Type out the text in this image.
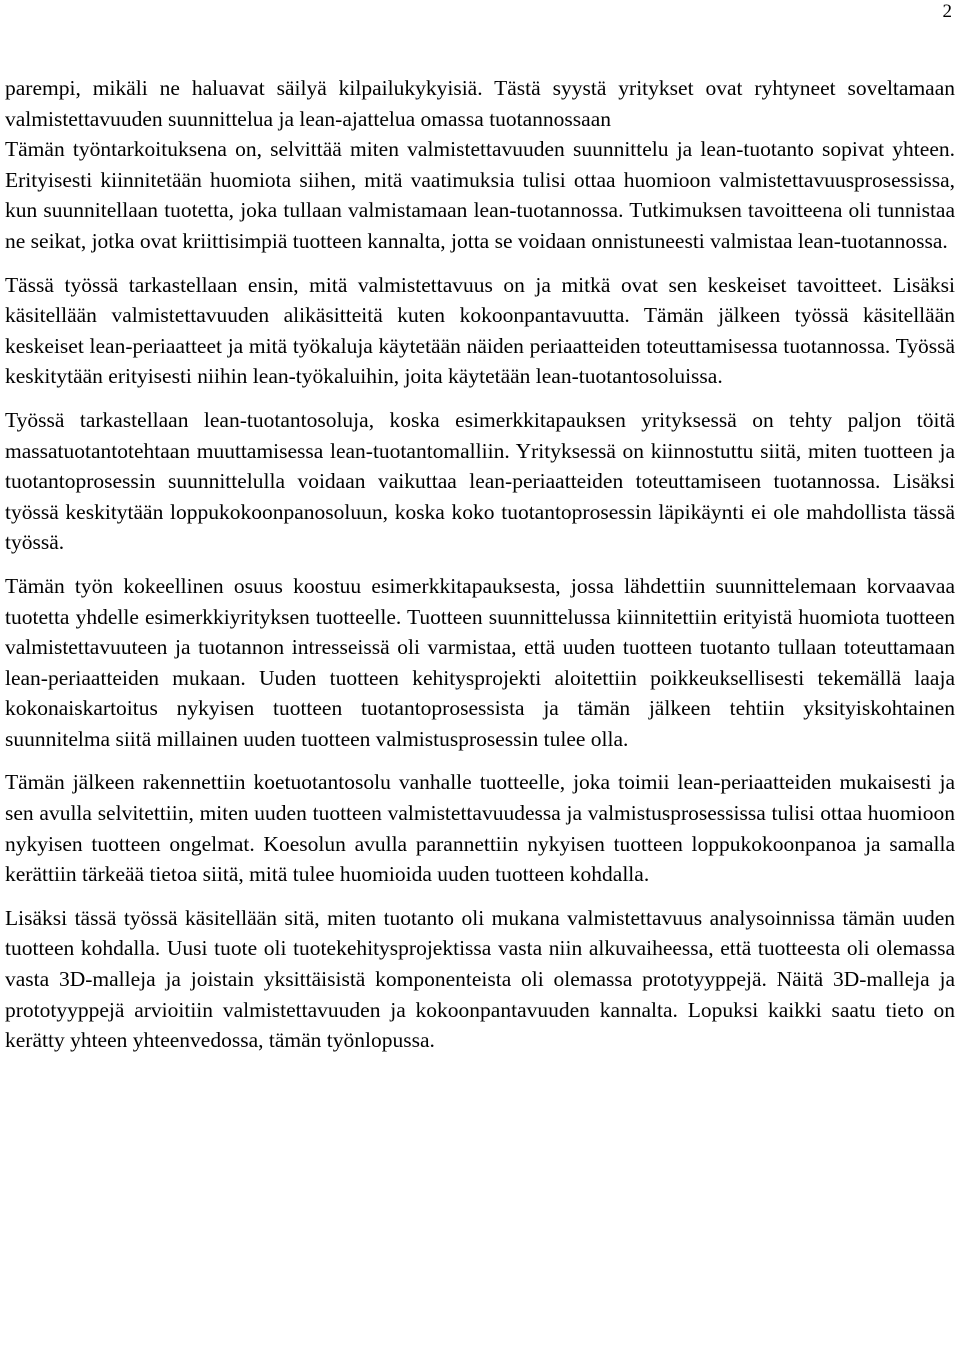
2

parempi, mikäli ne haluavat säilyä kilpailukykyisiä. Tästä syystä yritykset ovat ryhtyneet soveltamaan valmistettavuuden suunnittelua ja lean-ajattelua omassa tuotannossaan

Tämän työntarkoituksena on, selvittää miten valmistettavuuden suunnittelu ja lean-tuotanto sopivat yhteen. Erityisesti kiinnitetään huomiota siihen, mitä vaatimuksia tulisi ottaa huomioon valmistettavuusprosessissa, kun suunnitellaan tuotetta, joka tullaan valmistamaan lean-tuotannossa. Tutkimuksen tavoitteena oli tunnistaa ne seikat, jotka ovat kriittisimpiä tuotteen kannalta, jotta se voidaan onnistuneesti valmistaa lean-tuotannossa.

Tässä työssä tarkastellaan ensin, mitä valmistettavuus on ja mitkä ovat sen keskeiset tavoitteet. Lisäksi käsitellään valmistettavuuden alikäsitteitä kuten kokoonpantavuutta. Tämän jälkeen työssä käsitellään keskeiset lean-periaatteet ja mitä työkaluja käytetään näiden periaatteiden toteuttamisessa tuotannossa. Työssä keskitytään erityisesti niihin lean-työkaluihin, joita käytetään lean-tuotantosoluissa.

Työssä tarkastellaan lean-tuotantosoluja, koska esimerkkitapauksen yrityksessä on tehty paljon töitä massatuotantotehtaan muuttamisessa lean-tuotantomalliin. Yrityksessä on kiinnostuttu siitä, miten tuotteen ja tuotantoprosessin suunnittelulla voidaan vaikuttaa lean-periaatteiden toteuttamiseen tuotannossa. Lisäksi työssä keskitytään loppukokoonpanosoluun, koska koko tuotantoprosessin läpikäynti ei ole mahdollista tässä työssä.

Tämän työn kokeellinen osuus koostuu esimerkkitapauksesta, jossa lähdettiin suunnittelemaan korvaavaa tuotetta yhdelle esimerkkiyrityksen tuotteelle. Tuotteen suunnittelussa kiinnitettiin erityistä huomiota tuotteen valmistettavuuteen ja tuotannon intresseissä oli varmistaa, että uuden tuotteen tuotanto tullaan toteuttamaan lean-periaatteiden mukaan. Uuden tuotteen kehitysprojekti aloitettiin poikkeuksellisesti tekemällä laaja kokonaiskartoitus nykyisen tuotteen tuotantoprosessista ja tämän jälkeen tehtiin yksityiskohtainen suunnitelma siitä millainen uuden tuotteen valmistusprosessin tulee olla.

Tämän jälkeen rakennettiin koetuotantosolu vanhalle tuotteelle, joka toimii lean-periaatteiden mukaisesti ja sen avulla selvitettiin, miten uuden tuotteen valmistettavuudessa ja valmistusprosessissa tulisi ottaa huomioon nykyisen tuotteen ongelmat. Koesolun avulla parannettiin nykyisen tuotteen loppukokoonpanoa ja samalla kerättiin tärkeää tietoa siitä, mitä tulee huomioida uuden tuotteen kohdalla.

Lisäksi tässä työssä käsitellään sitä, miten tuotanto oli mukana valmistettavuus analysoinnissa tämän uuden tuotteen kohdalla. Uusi tuote oli tuotekehitysprojektissa vasta niin alkuvaiheessa, että tuotteesta oli olemassa vasta 3D-malleja ja joistain yksittäisistä komponenteista oli olemassa prototyyppejä. Näitä 3D-malleja ja prototyyppejä arvioitiin valmistettavuuden ja kokoonpantavuuden kannalta. Lopuksi kaikki saatu tieto on kerätty yhteen yhteenvedossa, tämän työnlopussa.
